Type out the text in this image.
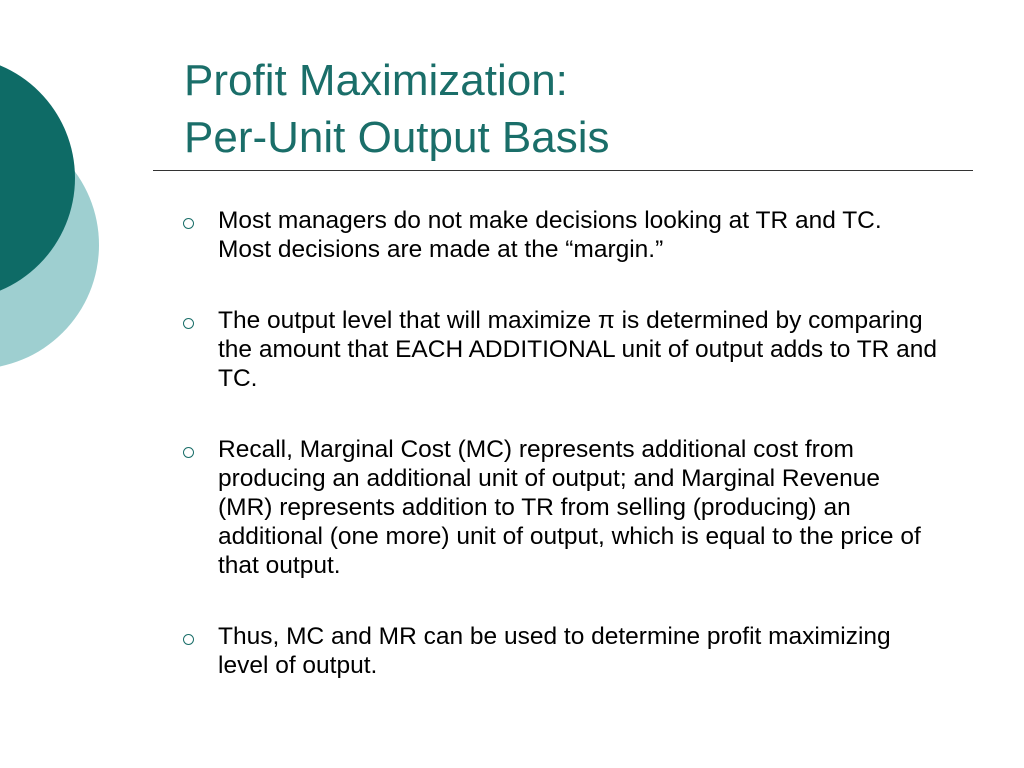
Profit Maximization:
Per-Unit Output Basis

Most managers do not make decisions looking at TR and TC. Most decisions are made at the “margin.”

The output level that will maximize π is determined by comparing the amount that EACH ADDITIONAL unit of output adds to TR and TC.

Recall, Marginal Cost (MC) represents additional cost from producing an additional unit of output; and Marginal Revenue (MR) represents addition to TR from selling (producing) an additional (one more) unit of output, which is equal to the price of that output.

Thus, MC and MR can be used to determine profit maximizing level of output.
